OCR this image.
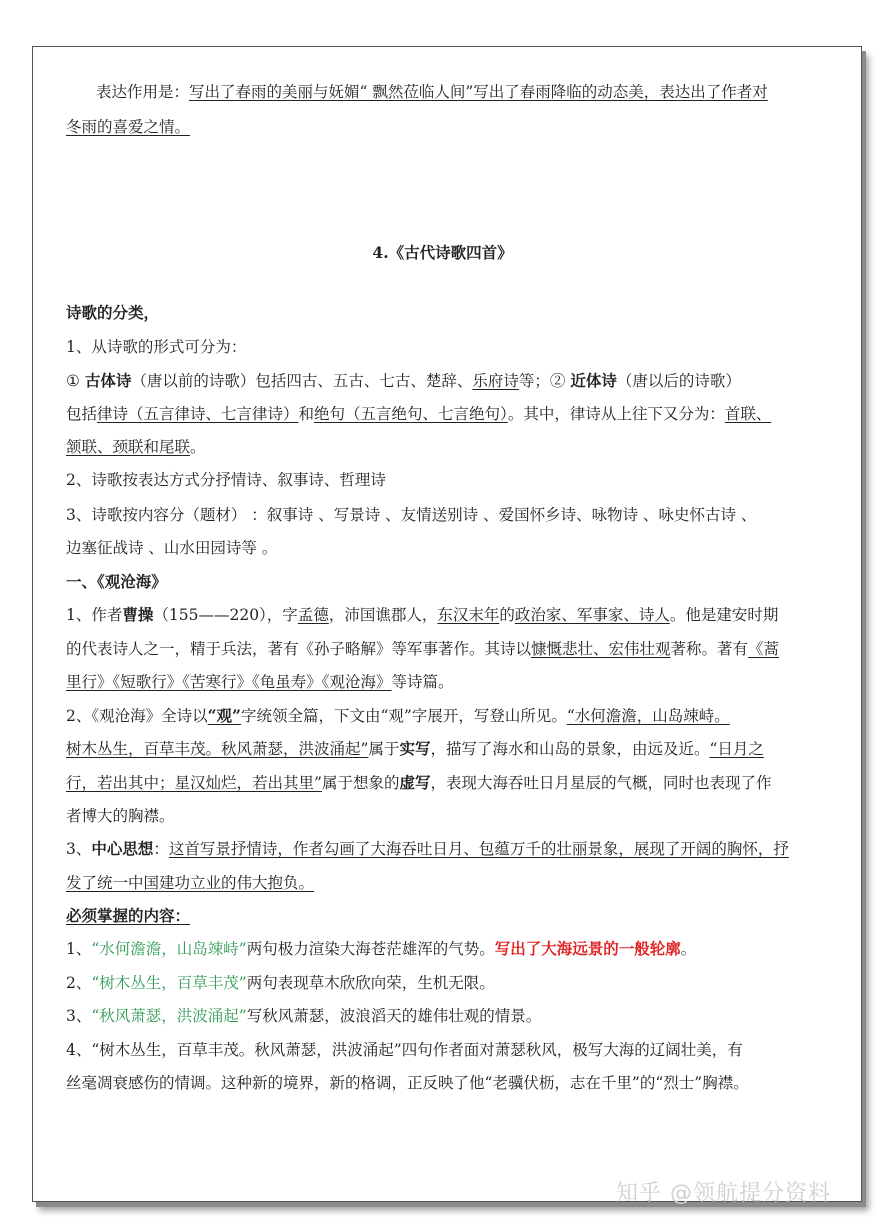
表达作用是：写出了春雨的美丽与妩媚“ 飘然莅临人间”写出了春雨降临的动态美，表达出了作者对
冬雨的喜爱之情。
4.《古代诗歌四首》
诗歌的分类，
1、从诗歌的形式可分为：
① 古体诗（唐以前的诗歌）包括四古、五古、七古、楚辞、乐府诗等；② 近体诗（唐以后的诗歌）
包括律诗（五言律诗、七言律诗）和绝句（五言绝句、七言绝句）。其中，律诗从上往下又分为：首联、
颔联、颈联和尾联。
2、诗歌按表达方式分抒情诗、叙事诗、哲理诗
3、诗歌按内容分（题材） ：叙事诗 、写景诗 、友情送别诗 、爱国怀乡诗、咏物诗 、咏史怀古诗 、
边塞征战诗 、山水田园诗等 。
一、《观沧海》
1、作者曹操（155——220），字孟德，沛国谯郡人，东汉末年的政治家、军事家、诗人。他是建安时期
的代表诗人之一，精于兵法，著有《孙子略解》等军事著作。其诗以慷慨悲壮、宏伟壮观著称。著有《蒿
里行》《短歌行》《苦寒行》《龟虽寿》《观沧海》等诗篇。
2、《观沧海》全诗以“观”字统领全篇，下文由“观”字展开，写登山所见。“水何澹澹，山岛竦峙。
树木丛生，百草丰茂。秋风萧瑟，洪波涌起”属于实写，描写了海水和山岛的景象，由远及近。“日月之
行，若出其中；星汉灿烂，若出其里”属于想象的虚写，表现大海吞吐日月星辰的气概，同时也表现了作
者博大的胸襟。
3、中心思想：这首写景抒情诗，作者勾画了大海吞吐日月、包蕴万千的壮丽景象，展现了开阔的胸怀，抒
发了统一中国建功立业的伟大抱负。
必须掌握的内容：
1、“水何澹澹，山岛竦峙”两句极力渲染大海苍茫雄浑的气势。写出了大海远景的一般轮廓。
2、“树木丛生，百草丰茂”两句表现草木欣欣向荣，生机无限。
3、“秋风萧瑟，洪波涌起”写秋风萧瑟，波浪滔天的雄伟壮观的情景。
4、“树木丛生，百草丰茂。秋风萧瑟，洪波涌起”四句作者面对萧瑟秋风，极写大海的辽阔壮美，有
丝毫凋衰感伤的情调。这种新的境界，新的格调，正反映了他“老骥伏枥，志在千里”的“烈士”胸襟。
知乎 @领航提分资料
